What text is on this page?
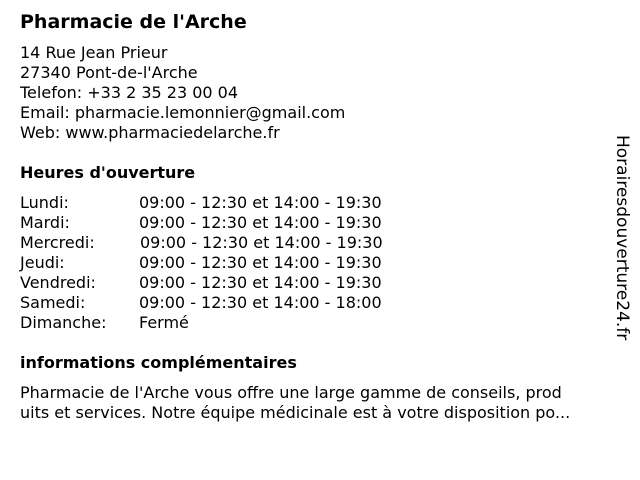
Pharmacie de l'Arche
14 Rue Jean Prieur
27340 Pont-de-l'Arche
Telefon: +33 2 35 23 00 04
Email: pharmacie.lemonnier@gmail.com
Web: www.pharmaciedelarche.fr
Heures d'ouverture
Lundi:	09:00 - 12:30 et 14:00 - 19:30
Mardi:	09:00 - 12:30 et 14:00 - 19:30
Mercredi:	09:00 - 12:30 et 14:00 - 19:30
Jeudi:	09:00 - 12:30 et 14:00 - 19:30
Vendredi:	09:00 - 12:30 et 14:00 - 19:30
Samedi:	09:00 - 12:30 et 14:00 - 18:00
Dimanche: Fermé
informations complémentaires
Pharmacie de l'Arche vous offre une large gamme de conseils, prod
uits et services. Notre équipe médicinale est à votre disposition po...
Horairesdouverture24.fr
